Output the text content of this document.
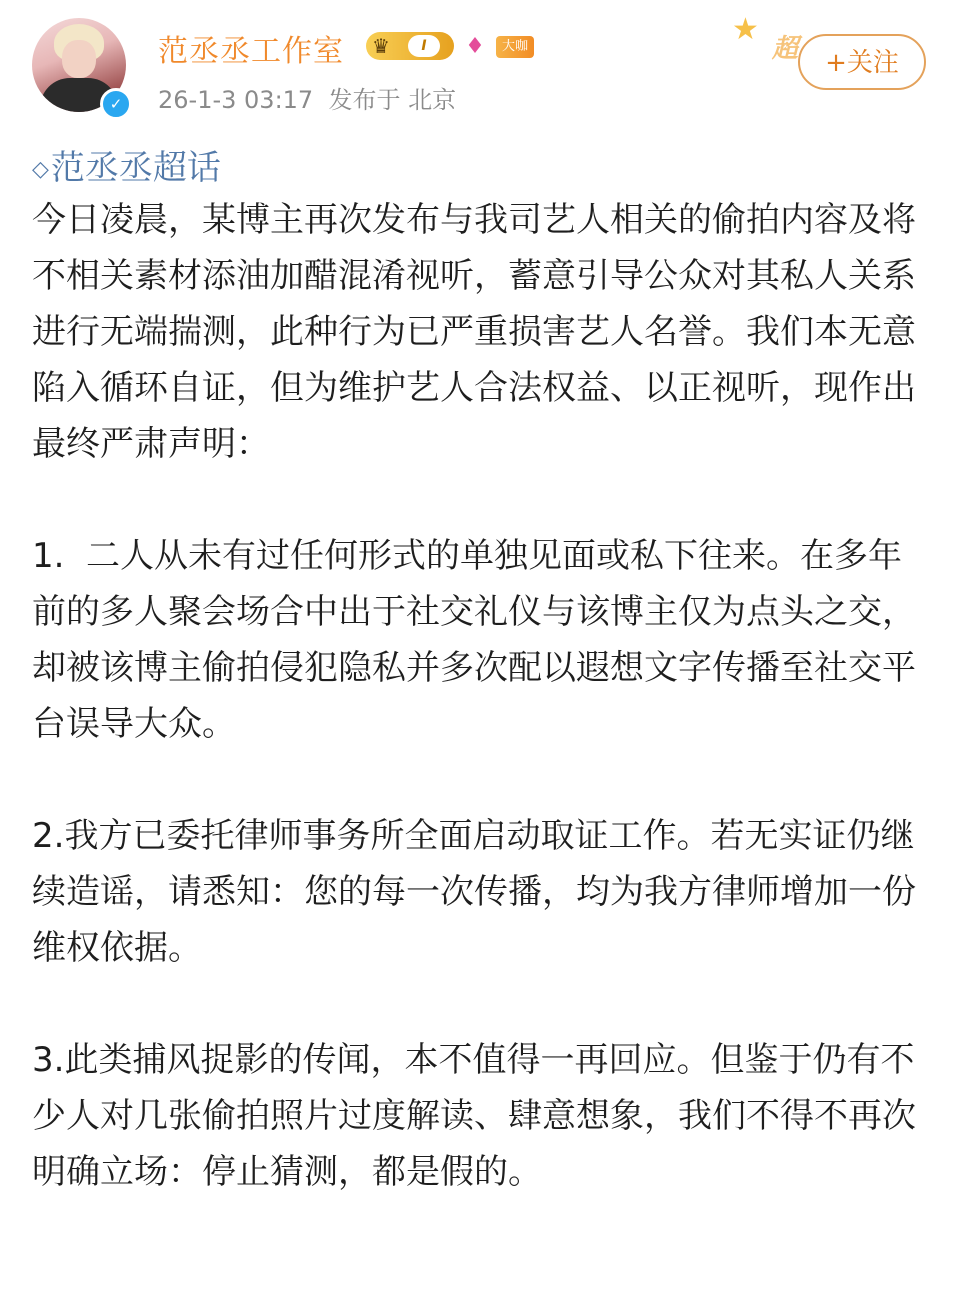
✓
范丞丞工作室 ♛	I	♦	大咖
26-1-3 03:17 发布于 北京
★
超	+关注
◇范丞丞超话

今日凌晨，某博主再次发布与我司艺人相关的偷拍内容及将不相关素材添油加醋混淆视听，蓄意引导公众对其私人关系进行无端揣测，此种行为已严重损害艺人名誉。我们本无意陷入循环自证，但为维护艺人合法权益、以正视听，现作出最终严肃声明：

1.  二人从未有过任何形式的单独见面或私下往来。在多年前的多人聚会场合中出于社交礼仪与该博主仅为点头之交，却被该博主偷拍侵犯隐私并多次配以遐想文字传播至社交平台误导大众。

2.我方已委托律师事务所全面启动取证工作。若无实证仍继续造谣，请悉知：您的每一次传播，均为我方律师增加一份维权依据。

3.此类捕风捉影的传闻，本不值得一再回应。但鉴于仍有不少人对几张偷拍照片过度解读、肆意想象，我们不得不再次明确立场：停止猜测，都是假的。
